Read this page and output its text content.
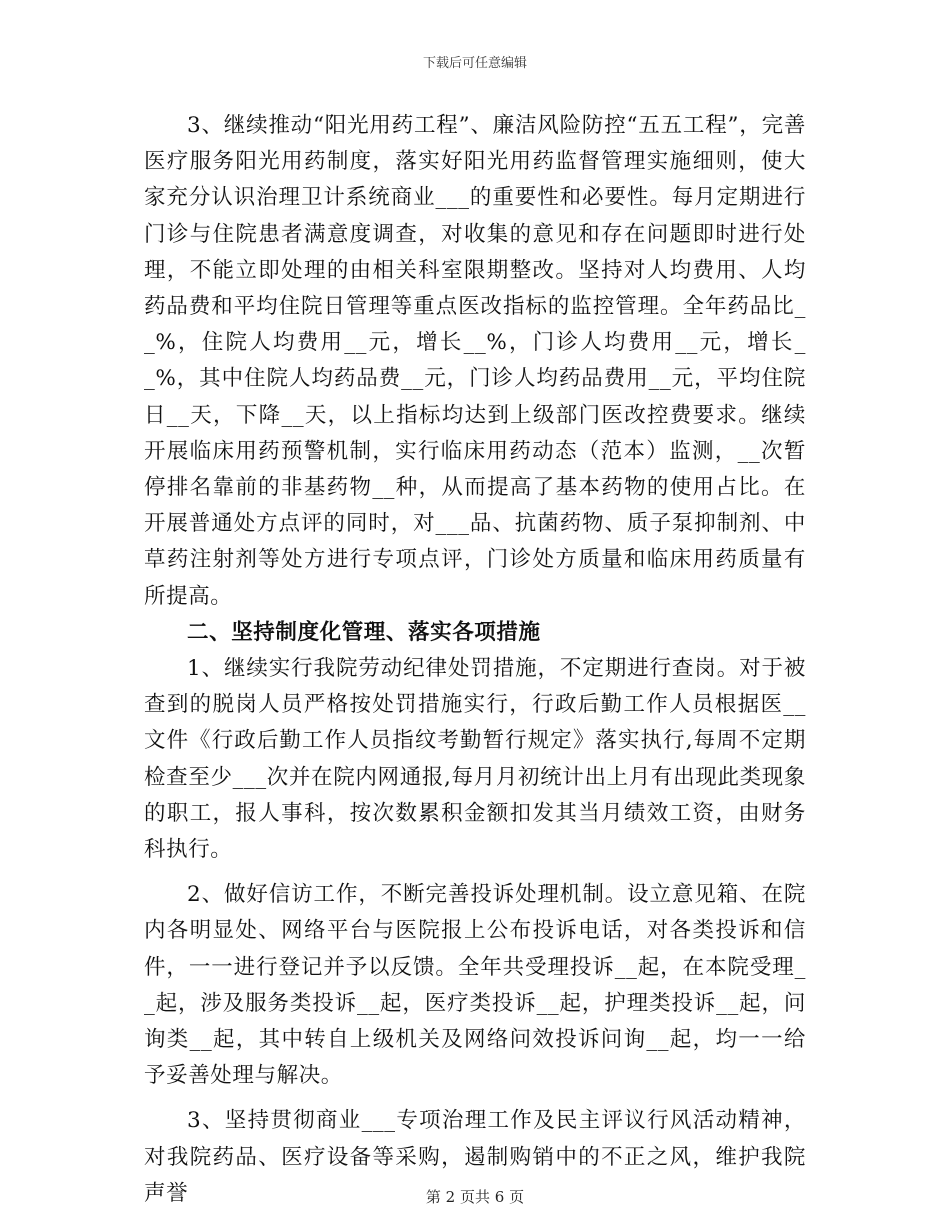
下载后可任意编辑

3、继续推动“阳光用药工程”、廉洁风险防控“五五工程”，完善医疗服务阳光用药制度，落实好阳光用药监督管理实施细则，使大家充分认识治理卫计系统商业___的重要性和必要性。每月定期进行门诊与住院患者满意度调查，对收集的意见和存在问题即时进行处理，不能立即处理的由相关科室限期整改。坚持对人均费用、人均药品费和平均住院日管理等重点医改指标的监控管理。全年药品比__%，住院人均费用__元，增长__%，门诊人均费用__元，增长__%，其中住院人均药品费__元，门诊人均药品费用__元，平均住院日__天，下降__天，以上指标均达到上级部门医改控费要求。继续开展临床用药预警机制，实行临床用药动态（范本）监测，__次暂停排名靠前的非基药物__种，从而提高了基本药物的使用占比。在开展普通处方点评的同时，对___品、抗菌药物、质子泵抑制剂、中草药注射剂等处方进行专项点评，门诊处方质量和临床用药质量有所提高。

二、坚持制度化管理、落实各项措施

1、继续实行我院劳动纪律处罚措施，不定期进行查岗。对于被查到的脱岗人员严格按处罚措施实行，行政后勤工作人员根据医__文件《行政后勤工作人员指纹考勤暂行规定》落实执行,每周不定期检查至少___次并在院内网通报,每月月初统计出上月有出现此类现象的职工，报人事科，按次数累积金额扣发其当月绩效工资，由财务科执行。

2、做好信访工作，不断完善投诉处理机制。设立意见箱、在院内各明显处、网络平台与医院报上公布投诉电话，对各类投诉和信件，一一进行登记并予以反馈。全年共受理投诉__起，在本院受理__起，涉及服务类投诉__起，医疗类投诉__起，护理类投诉__起，问询类__起，其中转自上级机关及网络问效投诉问询__起，均一一给予妥善处理与解决。

3、坚持贯彻商业___专项治理工作及民主评议行风活动精神，对我院药品、医疗设备等采购，遏制购销中的不正之风，维护我院声誉	第 2 页共 6 页
